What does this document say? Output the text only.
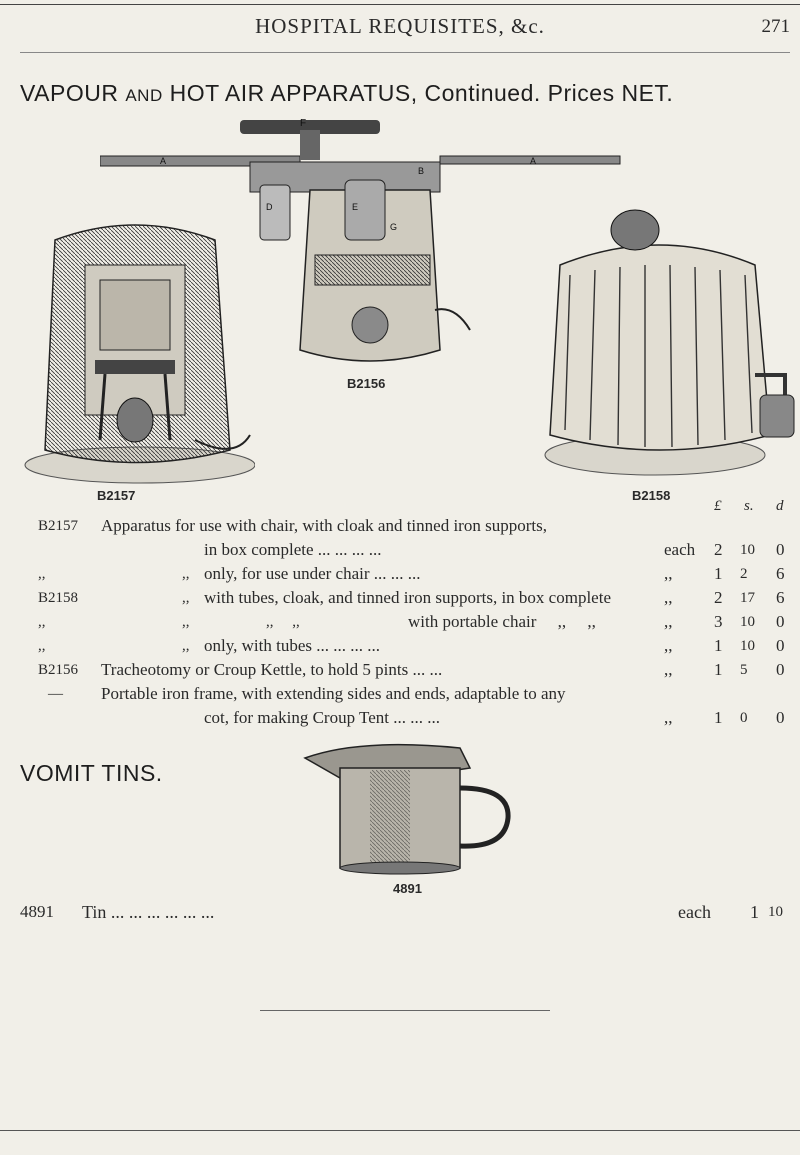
HOSPITAL REQUISITES, &c.	271
VAPOUR AND HOT AIR APPARATUS, Continued. Prices NET.
B2157
F
A
B
A
D	E
G
B2156
B2158
£ s. d
B2157 Apparatus for use with chair, with cloak and tinned iron supports,
in box complete ... ... ... ...	each 2 10 0
,,	,, only, for use under chair ... ... ...	,, 1 2 6
B2158	,, with tubes, cloak, and tinned iron supports, in box complete	,, 2 17 6
,,	,,	,,     ,,	with portable chair     ,,     ,,	,, 3 10 0
,,	,, only, with tubes ... ... ... ...	,, 1 10 0
B2156 Tracheotomy or Croup Kettle, to hold 5 pints ... ...	,, 1 5 0
— Portable iron frame, with extending sides and ends, adaptable to any
cot, for making Croup Tent ... ... ...	,, 1 0 0
VOMIT TINS.
4891
4891 Tin ... ... ... ... ... ...	each 1 10
